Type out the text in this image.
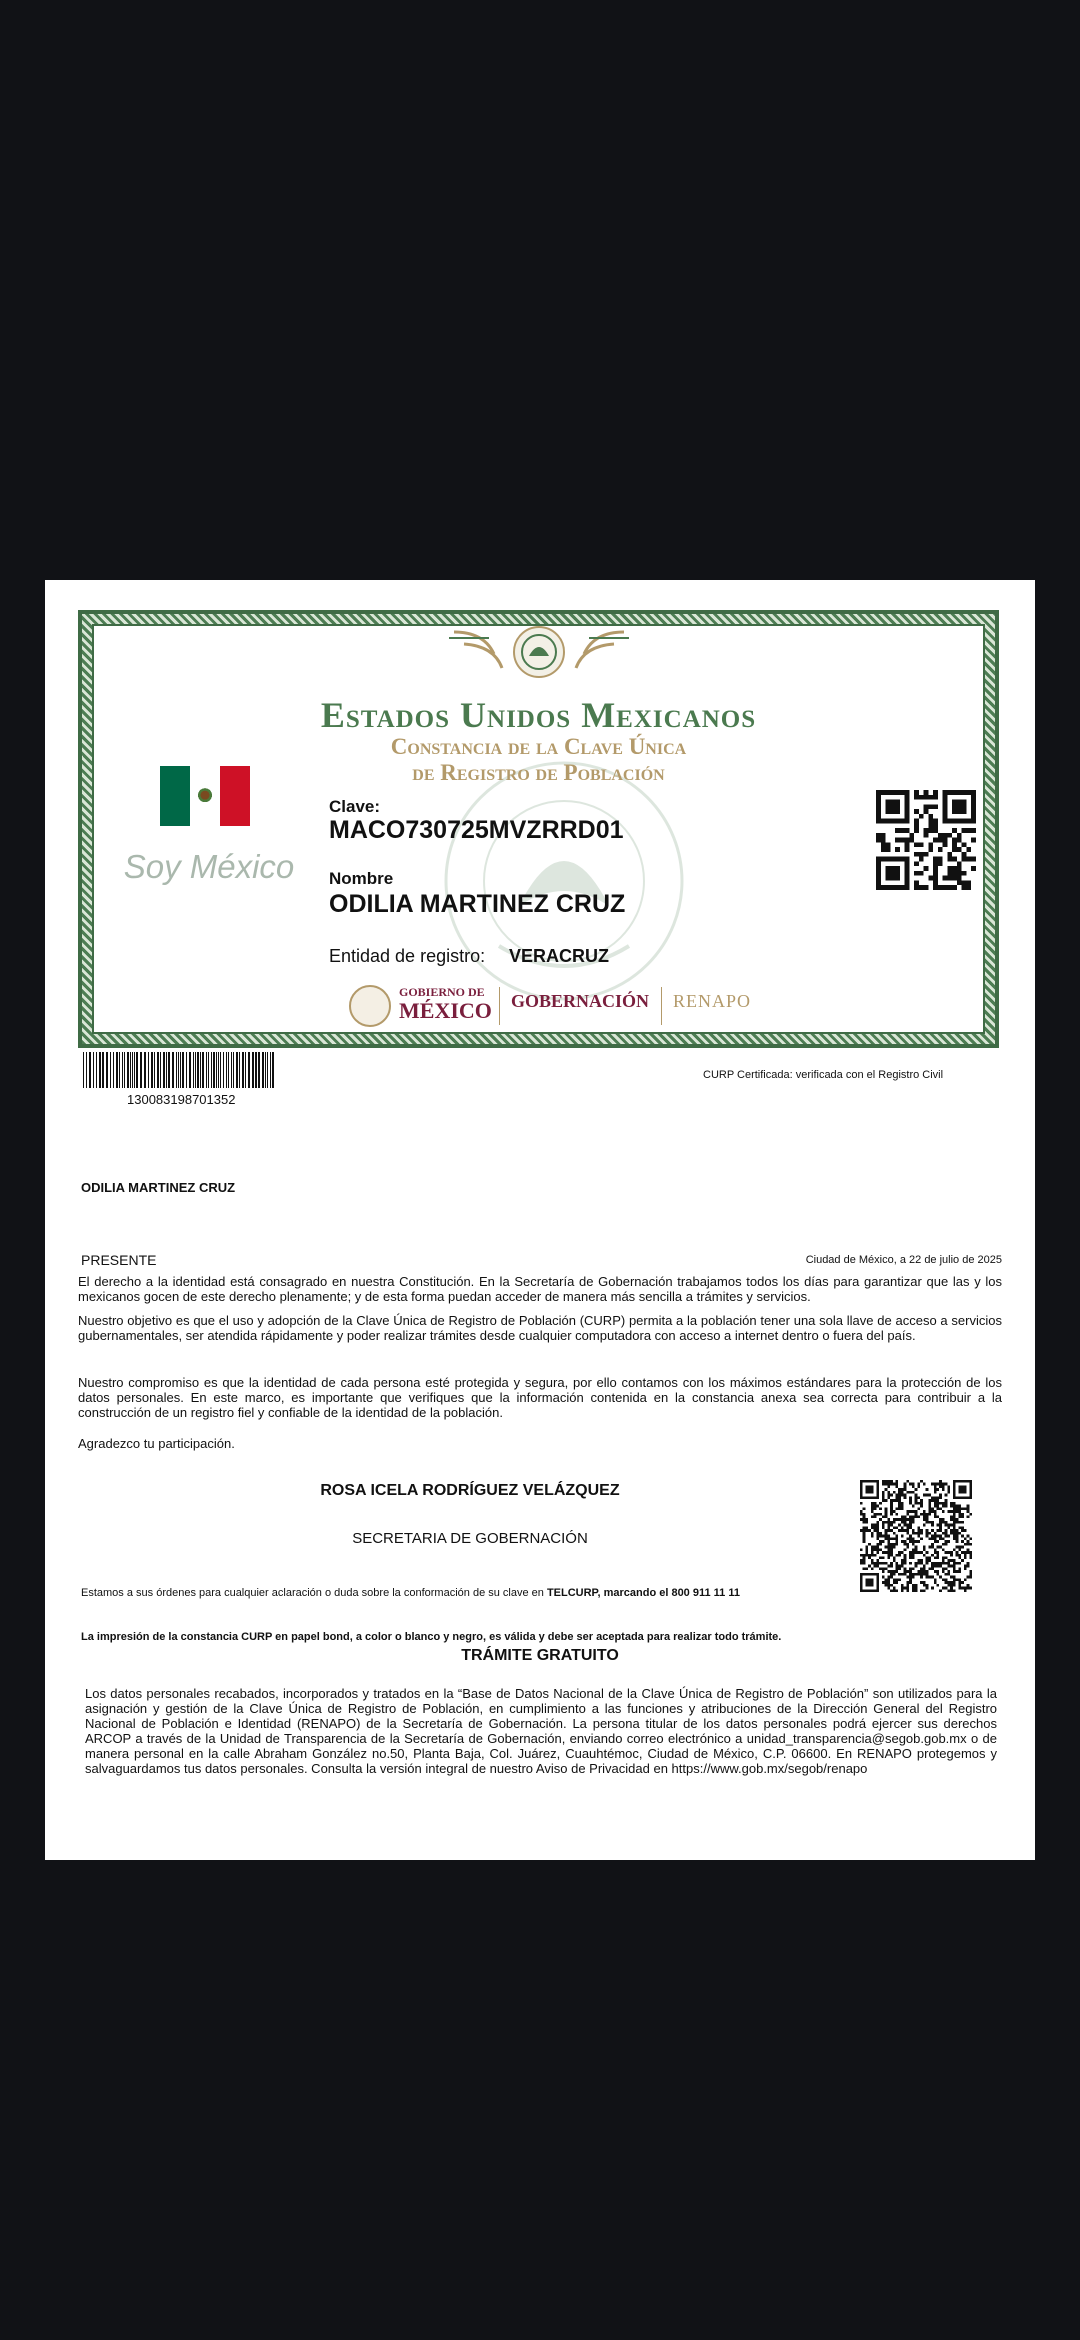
Estados Unidos Mexicanos
Constancia de la Clave Única
de Registro de Población
Soy México
Clave:
MACO730725MVZRRD01
Nombre
ODILIA MARTINEZ CRUZ
Entidad de registro: VERACRUZ
GOBIERNO DE
MÉXICO GOBERNACIÓN RENAPO
130083198701352
CURP Certificada: verificada con el Registro Civil
ODILIA MARTINEZ CRUZ
PRESENTE	Ciudad de México, a 22 de julio de 2025

El derecho a la identidad está consagrado en nuestra Constitución. En la Secretaría de Gobernación trabajamos todos los días para garantizar que las y los mexicanos gocen de este derecho plenamente; y de esta forma puedan acceder de manera más sencilla a trámites y servicios.

Nuestro objetivo es que el uso y adopción de la Clave Única de Registro de Población (CURP) permita a la población tener una sola llave de acceso a servicios gubernamentales, ser atendida rápidamente y poder realizar trámites desde cualquier computadora con acceso a internet dentro o fuera del país.

Nuestro compromiso es que la identidad de cada persona esté protegida y segura, por ello contamos con los máximos estándares para la protección de los datos personales. En este marco, es importante que verifiques que la información contenida en la constancia anexa sea correcta para contribuir a la construcción de un registro fiel y confiable de la identidad de la población.

Agradezco tu participación.
ROSA ICELA RODRÍGUEZ VELÁZQUEZ
SECRETARIA DE GOBERNACIÓN
Estamos a sus órdenes para cualquier aclaración o duda sobre la conformación de su clave en TELCURP, marcando el 800 911 11 11
La impresión de la constancia CURP en papel bond, a color o blanco y negro, es válida y debe ser aceptada para realizar todo trámite.
TRÁMITE GRATUITO

Los datos personales recabados, incorporados y tratados en la “Base de Datos Nacional de la Clave Única de Registro de Población” son utilizados para la asignación y gestión de la Clave Única de Registro de Población, en cumplimiento a las funciones y atribuciones de la Dirección General del Registro Nacional de Población e Identidad (RENAPO) de la Secretaría de Gobernación. La persona titular de los datos personales podrá ejercer sus derechos ARCOP a través de la Unidad de Transparencia de la Secretaría de Gobernación, enviando correo electrónico a unidad_transparencia@segob.gob.mx o de manera personal en la calle Abraham González no.50, Planta Baja, Col. Juárez, Cuauhtémoc, Ciudad de México, C.P. 06600. En RENAPO protegemos y salvaguardamos tus datos personales. Consulta la versión integral de nuestro Aviso de Privacidad en https://www.gob.mx/segob/renapo
